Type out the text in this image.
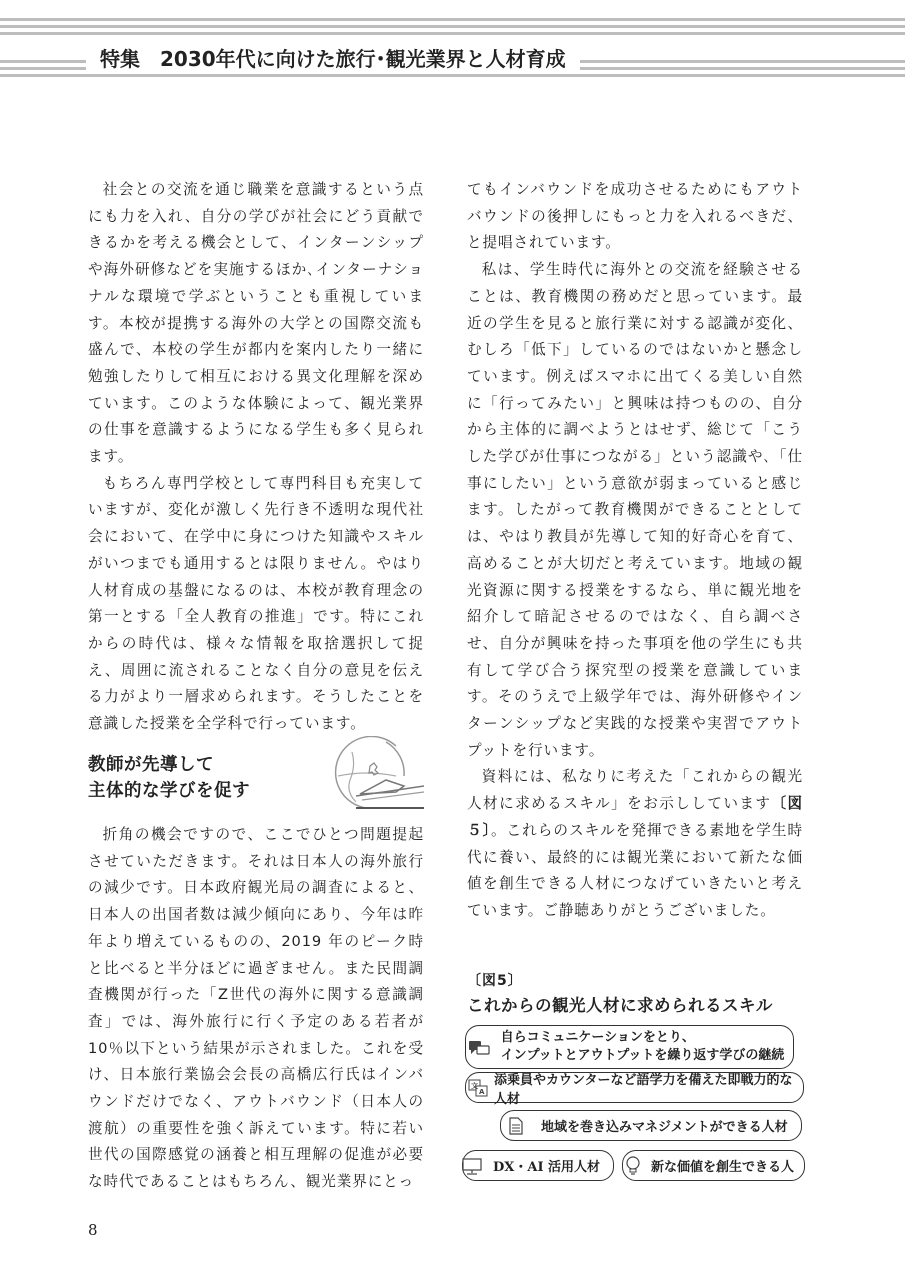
特集 2030年代に向けた旅行･観光業界と人材育成

社会との交流を通じ職業を意識するという点にも力を入れ、自分の学びが社会にどう貢献できるかを考える機会として、インターンシップや海外研修などを実施するほか､インターナショナルな環境で学ぶということも重視しています。本校が提携する海外の大学との国際交流も盛んで、本校の学生が都内を案内したり一緒に勉強したりして相互における異文化理解を深めています。このような体験によって、観光業界の仕事を意識するようになる学生も多く見られます。

もちろん専門学校として専門科目も充実していますが、変化が激しく先行き不透明な現代社会において、在学中に身につけた知識やスキルがいつまでも通用するとは限りません。やはり人材育成の基盤になるのは、本校が教育理念の第一とする「全人教育の推進」です。特にこれからの時代は、様々な情報を取捨選択して捉え、周囲に流されることなく自分の意見を伝える力がより一層求められます。そうしたことを意識した授業を全学科で行っています。

教師が先導して
主体的な学びを促す

折角の機会ですので、ここでひとつ問題提起させていただきます。それは日本人の海外旅行の減少です。日本政府観光局の調査によると、日本人の出国者数は減少傾向にあり、今年は昨年より増えているものの、2019 年のピーク時と比べると半分ほどに過ぎません。また民間調査機関が行った「Z世代の海外に関する意識調査」では、海外旅行に行く予定のある若者が10％以下という結果が示されました。これを受け、日本旅行業協会会長の高橋広行氏はインバウンドだけでなく、アウトバウンド（日本人の渡航）の重要性を強く訴えています。特に若い世代の国際感覚の涵養と相互理解の促進が必要な時代であることはもちろん、観光業界にとっ

てもインバウンドを成功させるためにもアウトバウンドの後押しにもっと力を入れるべきだ、と提唱されています。

私は、学生時代に海外との交流を経験させることは、教育機関の務めだと思っています。最近の学生を見ると旅行業に対する認識が変化、むしろ「低下」しているのではないかと懸念しています。例えばスマホに出てくる美しい自然に「行ってみたい」と興味は持つものの、自分から主体的に調べようとはせず、総じて「こうした学びが仕事につながる」という認識や､「仕事にしたい」という意欲が弱まっていると感じます。したがって教育機関ができることとしては、やはり教員が先導して知的好奇心を育て、高めることが大切だと考えています。地域の観光資源に関する授業をするなら、単に観光地を紹介して暗記させるのではなく、自ら調べさせ、自分が興味を持った事項を他の学生にも共有して学び合う探究型の授業を意識しています。そのうえで上級学年では、海外研修やインターンシップなど実践的な授業や実習でアウトプットを行います。

資料には、私なりに考えた「これからの観光人材に求めるスキル」をお示ししています〔図５〕。これらのスキルを発揮できる素地を学生時代に養い、最終的には観光業において新たな価値を創生できる人材につなげていきたいと考えています。ご静聴ありがとうございました。

〔図5〕
これからの観光人材に求められるスキル
自らコミュニケーションをとり、
インプットとアウトプットを繰り返す学びの継続
文
A
添乗員やカウンターなど語学力を備えた即戦力的な人材
地域を巻き込みマネジメントができる人材
DX・AI 活用人材	新な価値を創生できる人
8
